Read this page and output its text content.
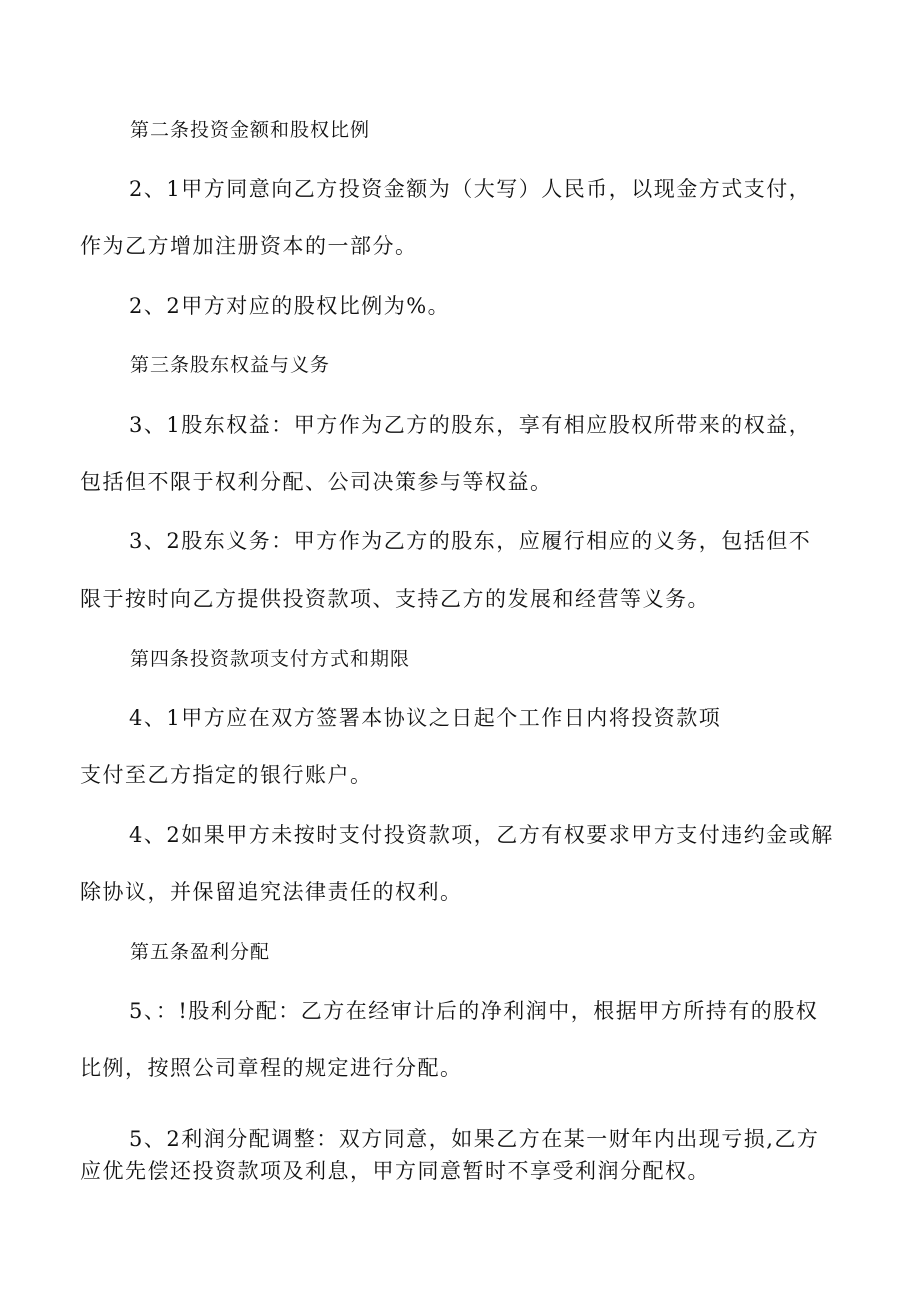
第二条投资金额和股权比例
2、1甲方同意向乙方投资金额为（大写）人民币，以现金方式支付，
作为乙方增加注册资本的一部分。
2、2甲方对应的股权比例为%。
第三条股东权益与义务
3、1股东权益：甲方作为乙方的股东，享有相应股权所带来的权益，
包括但不限于权利分配、公司决策参与等权益。
3、2股东义务：甲方作为乙方的股东，应履行相应的义务，包括但不
限于按时向乙方提供投资款项、支持乙方的发展和经营等义务。
第四条投资款项支付方式和期限
4、1甲方应在双方签署本协议之日起个工作日内将投资款项
支付至乙方指定的银行账户。
4、2如果甲方未按时支付投资款项，乙方有权要求甲方支付违约金或解
除协议，并保留追究法律责任的权利。
第五条盈利分配
5、：!股利分配：乙方在经审计后的净利润中，根据甲方所持有的股权
比例，按照公司章程的规定进行分配。
5、2利润分配调整：双方同意，如果乙方在某一财年内出现亏损,乙方
应优先偿还投资款项及利息，甲方同意暂时不享受利润分配权。
